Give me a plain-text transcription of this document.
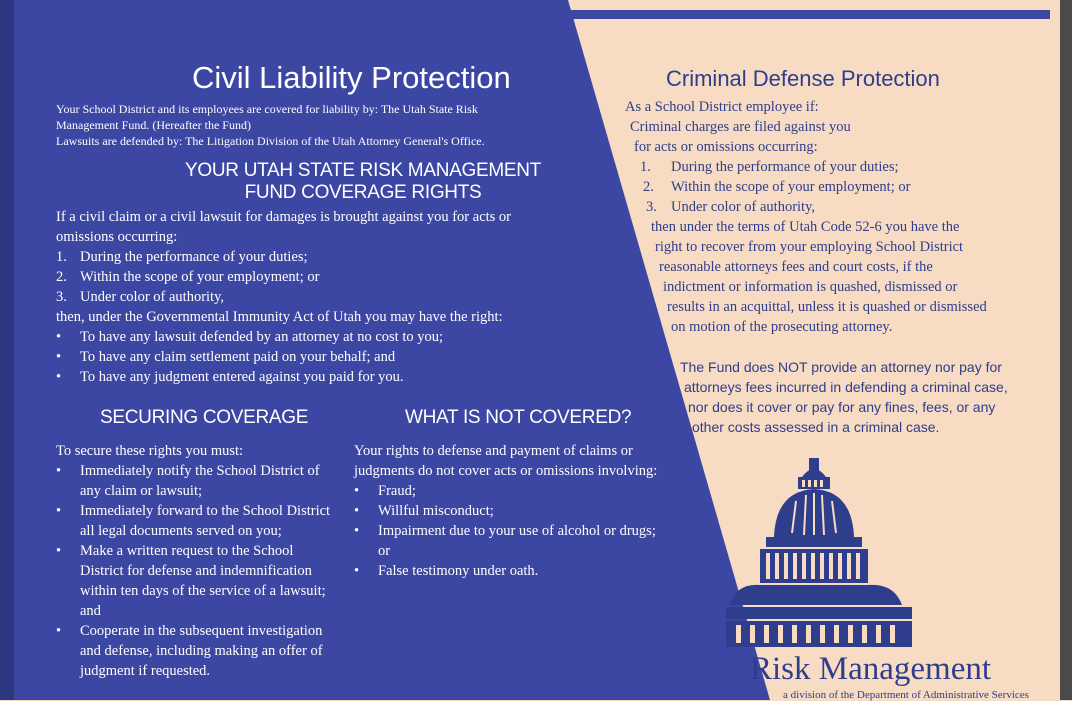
Civil Liability Protection
Your School District and its employees are covered for liability by: The Utah State Risk
Management Fund. (Hereafter the Fund)
Lawsuits are defended by: The Litigation Division of the Utah Attorney General's Office.
YOUR UTAH STATE RISK MANAGEMENT
FUND COVERAGE RIGHTS
If a civil claim or a civil lawsuit for damages is brought against you for acts or omissions occurring:
1. During the performance of your duties;
2. Within the scope of your employment; or
3. Under color of authority,
then, under the Governmental Immunity Act of Utah you may have the right:
• To have any lawsuit defended by an attorney at no cost to you;
• To have any claim settlement paid on your behalf; and
• To have any judgment entered against you paid for you.
SECURING COVERAGE
To secure these rights you must:
• Immediately notify the School District of any claim or lawsuit;
• Immediately forward to the School District all legal documents served on you;
• Make a written request to the School District for defense and indemnification within ten days of the service of a lawsuit; and
• Cooperate in the subsequent investigation and defense, including making an offer of judgment if requested.
WHAT IS NOT COVERED?
Your rights to defense and payment of claims or judgments do not cover acts or omissions involving:
• Fraud;
• Willful misconduct;
• Impairment due to your use of alcohol or drugs; or
• False testimony under oath.
Criminal Defense Protection
As a School District employee if:
Criminal charges are filed against you
for acts or omissions occurring:
1. During the performance of your duties;
2. Within the scope of your employment; or
3. Under color of authority,
then under the terms of Utah Code 52-6 you have the
right to recover from your employing School District
reasonable attorneys fees and court costs, if the
indictment or information is quashed, dismissed or
results in an acquittal, unless it is quashed or dismissed
on motion of the prosecuting attorney.
The Fund does NOT provide an attorney nor pay for
attorneys fees incurred in defending a criminal case,
nor does it cover or pay for any fines, fees, or any
other costs assessed in a criminal case.
Risk Management
a division of the Department of Administrative Services
